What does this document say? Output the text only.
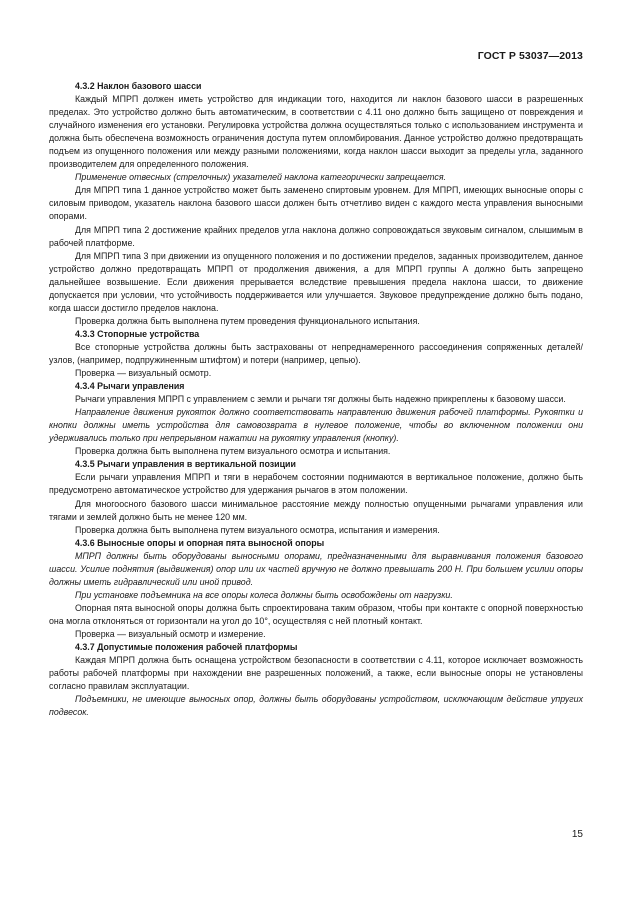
ГОСТ Р 53037—2013

4.3.2 Наклон базового шасси

Каждый МПРП должен иметь устройство для индикации того, находится ли наклон базового шасси в разрешенных пределах. Это устройство должно быть автоматическим, в соответствии с 4.11 оно должно быть защищено от повреждения и случайного изменения его установки. Регулировка устройства должна осуществляться только с использованием инструмента и должна быть обеспечена возможность ограничения доступа путем опломбирования. Данное устройство должно предотвращать подъем из опущенного положения или между разными положениями, когда наклон шасси выходит за пределы угла, заданного производителем для определенного положения.

Применение отвесных (стрелочных) указателей наклона категорически запрещается.

Для МПРП типа 1 данное устройство может быть заменено спиртовым уровнем. Для МПРП, имеющих выносные опоры с силовым приводом, указатель наклона базового шасси должен быть отчетливо виден с каждого места управления выносными опорами.

Для МПРП типа 2 достижение крайних пределов угла наклона должно сопровождаться звуковым сигналом, слышимым в рабочей платформе.

Для МПРП типа 3 при движении из опущенного положения и по достижении пределов, заданных производителем, данное устройство должно предотвращать МПРП от продолжения движения, а для МПРП группы А должно быть запрещено дальнейшее возвышение. Если движения прерывается вследствие превышения предела наклона шасси, то движение допускается при условии, что устойчивость поддерживается или улучшается. Звуковое предупреждение должно быть подано, когда шасси достигло пределов наклона.

Проверка должна быть выполнена путем проведения функционального испытания.

4.3.3 Стопорные устройства

Все стопорные устройства должны быть застрахованы от непреднамеренного рассоединения сопряженных деталей/узлов, (например, подпружиненным штифтом) и потери (например, цепью).

Проверка — визуальный осмотр.

4.3.4 Рычаги управления

Рычаги управления МПРП с управлением с земли и рычаги тяг должны быть надежно прикреплены к базовому шасси.

Направление движения рукояток должно соответствовать направлению движения рабочей платформы. Рукоятки и кнопки должны иметь устройства для самовозврата в нулевое положение, чтобы во включенном положении они удерживались только при непрерывном нажатии на рукоятку управления (кнопку).

Проверка должна быть выполнена путем визуального осмотра и испытания.

4.3.5 Рычаги управления в вертикальной позиции

Если рычаги управления МПРП и тяги в нерабочем состоянии поднимаются в вертикальное положение, должно быть предусмотрено автоматическое устройство для удержания рычагов в этом положении.

Для многоосного базового шасси минимальное расстояние между полностью опущенными рычагами управления или тягами и землей должно быть не менее 120 мм.

Проверка должна быть выполнена путем визуального осмотра, испытания и измерения.

4.3.6 Выносные опоры и опорная пята выносной опоры

МПРП должны быть оборудованы выносными опорами, предназначенными для выравнивания положения базового шасси. Усилие поднятия (выдвижения) опор или их частей вручную не должно превышать 200 Н. При большем усилии опоры должны иметь гидравлический или иной привод.

При установке подъемника на все опоры колеса должны быть освобождены от нагрузки.

Опорная пята выносной опоры должна быть спроектирована таким образом, чтобы при контакте с опорной поверхностью она могла отклоняться от горизонтали на угол до 10°, осуществляя с ней плотный контакт.

Проверка — визуальный осмотр и измерение.

4.3.7 Допустимые положения рабочей платформы

Каждая МПРП должна быть оснащена устройством безопасности в соответствии с 4.11, которое исключает возможность работы рабочей платформы при нахождении вне разрешенных положений, а также, если выносные опоры не установлены согласно правилам эксплуатации.

Подъемники, не имеющие выносных опор, должны быть оборудованы устройством, исключающим действие упругих подвесок.

15
